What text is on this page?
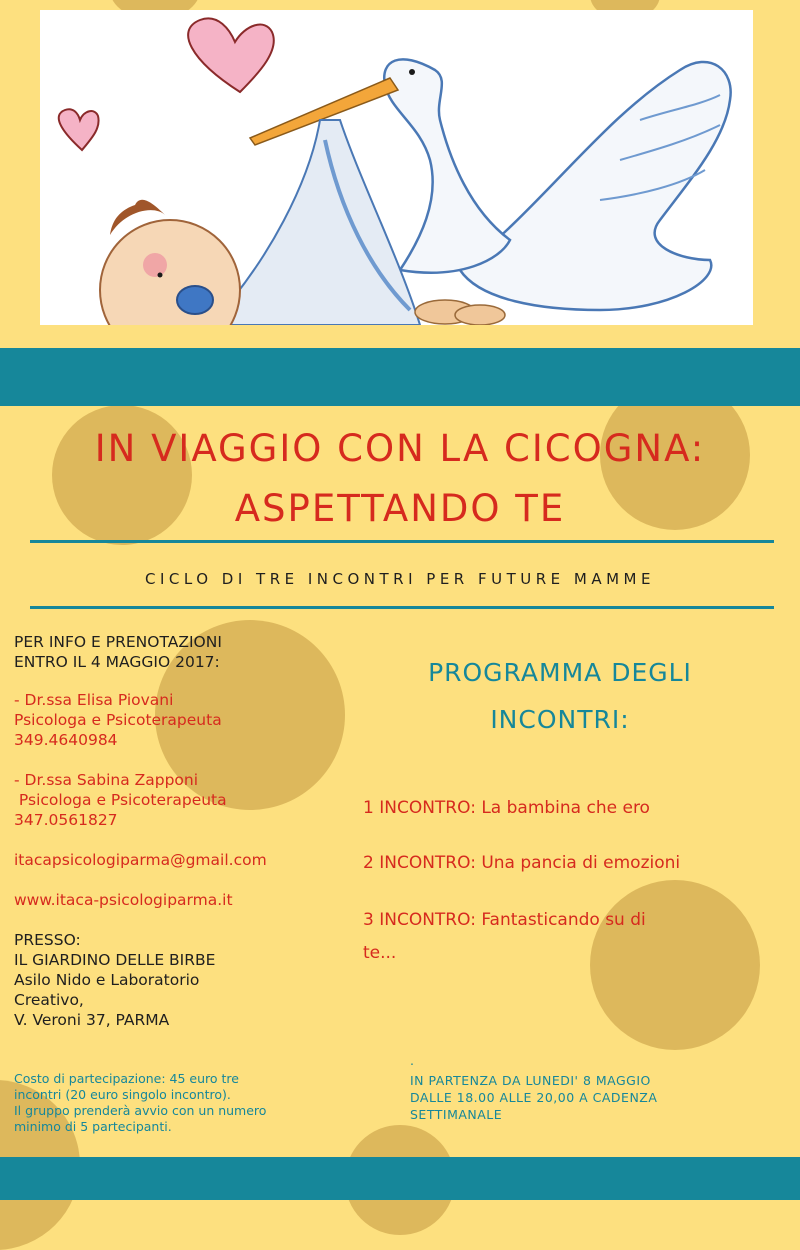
IN VIAGGIO CON LA CICOGNA:
ASPETTANDO TE
CICLO DI TRE INCONTRI PER FUTURE MAMME

PER INFO E PRENOTAZIONI

ENTRO IL 4 MAGGIO 2017:

- Dr.ssa Elisa Piovani

Psicologa e Psicoterapeuta

349.4640984

- Dr.ssa Sabina Zapponi

Psicologa e Psicoterapeuta

347.0561827

itacapsicologiparma@gmail.com

www.itaca-psicologiparma.it

PRESSO:

IL GIARDINO DELLE BIRBE

Asilo Nido e Laboratorio

Creativo,

V. Veroni 37, PARMA

Costo di partecipazione: 45 euro tre
incontri (20 euro singolo incontro).
Il gruppo prenderà avvio con un numero
minimo di 5 partecipanti.
PROGRAMMA DEGLI
INCONTRI:
1 INCONTRO: La bambina che ero
2 INCONTRO: Una pancia di emozioni
3 INCONTRO: Fantasticando su di
te...
.
IN PARTENZA DA LUNEDI' 8 MAGGIO
DALLE 18.00 ALLE 20,00 A CADENZA
SETTIMANALE
